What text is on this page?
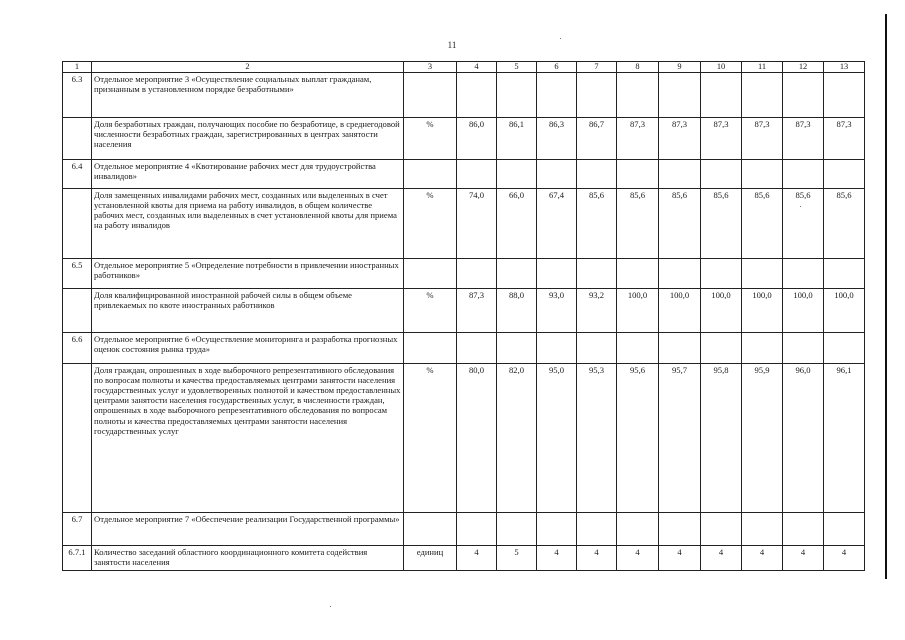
11
1	2	3	4	5	6	7	8	9	10	11	12	13
6.3	Отдельное мероприятие 3 «Осуществление социальных выплат гражданам, признанным в установленном порядке безработными»											
	Доля безработных граждан, получающих пособие по безработице, в среднегодовой численности безработных граждан, зарегистрированных в центрах занятости населения	%	86,0	86,1	86,3	86,7	87,3	87,3	87,3	87,3	87,3	87,3
6.4	Отдельное мероприятие 4 «Квотирование рабочих мест для трудоустройства инвалидов»											
	Доля замещенных инвалидами рабочих мест, созданных или выделенных в счет установленной квоты для приема на работу инвалидов, в общем количестве рабочих мест, созданных или выделенных в счет установленной квоты для приема на работу инвалидов	%	74,0	66,0	67,4	85,6	85,6	85,6	85,6	85,6	85,6	85,6
6.5	Отдельное мероприятие 5 «Определение потребности в привлечении иностранных работников»											
	Доля квалифицированной иностранной рабочей силы в общем объеме привлекаемых по квоте иностранных работников	%	87,3	88,0	93,0	93,2	100,0	100,0	100,0	100,0	100,0	100,0
6.6	Отдельное мероприятие 6 «Осуществление мониторинга и разработка прогнозных оценок состояния рынка труда»											
	Доля граждан, опрошенных в ходе выборочного репрезентативного обследования по вопросам полноты и качества предоставляемых центрами занятости населения государственных услуг и удовлетворенных полнотой и качеством предоставленных центрами занятости населения государственных услуг, в численности граждан, опрошенных в ходе выборочного репрезентативного обследования по вопросам полноты и качества предоставляемых центрами занятости населения государственных услуг	%	80,0	82,0	95,0	95,3	95,6	95,7	95,8	95,9	96,0	96,1
6.7	Отдельное мероприятие 7 «Обеспечение реализации Государственной программы»											
6.7.1	Количество заседаний областного координационного комитета содействия занятости населения	единиц	4	5	4	4	4	4	4	4	4	4
